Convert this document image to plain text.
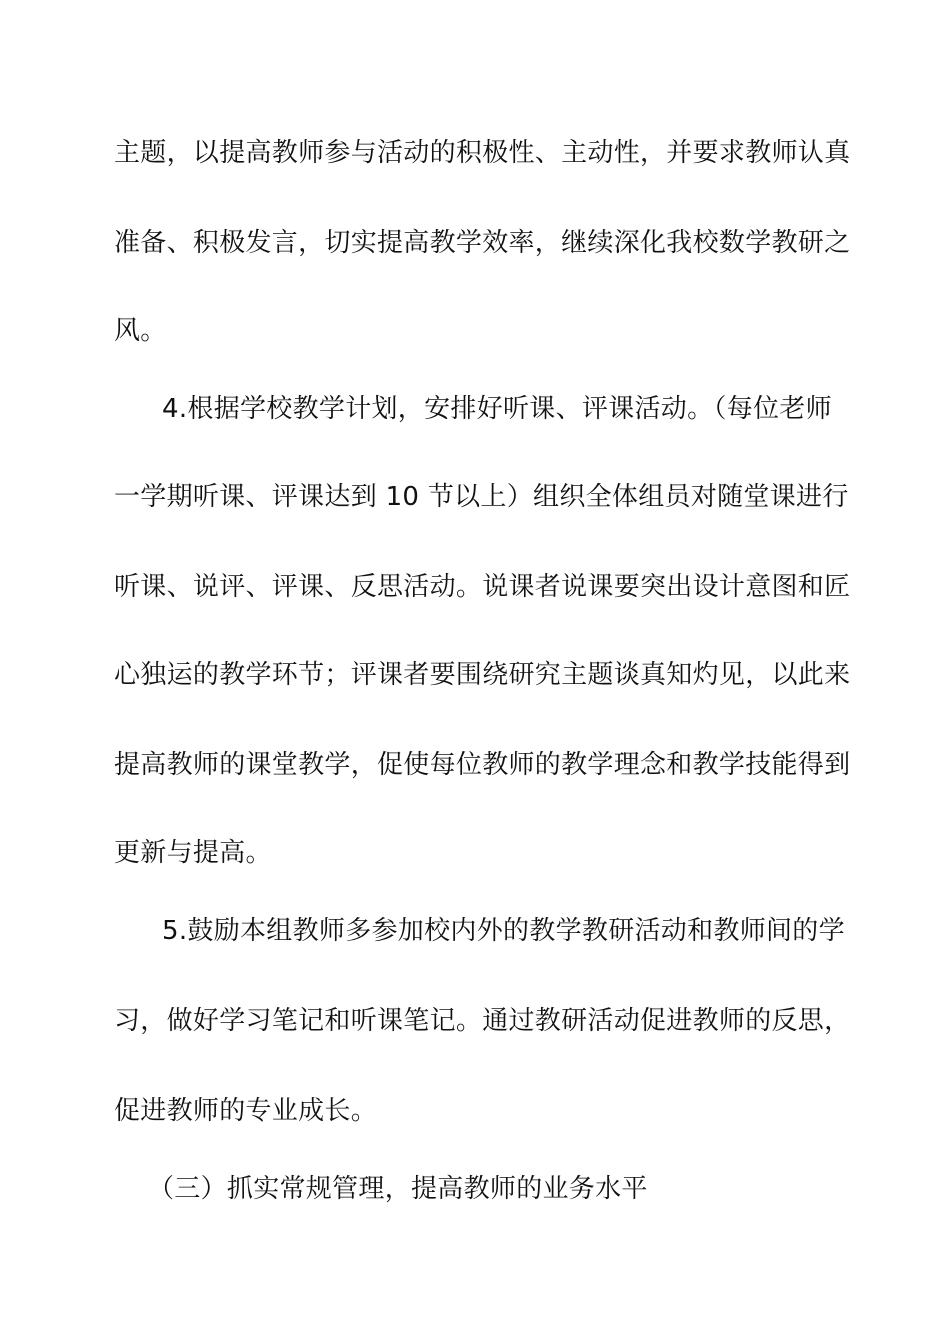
主题，以提高教师参与活动的积极性、主动性，并要求教师认真
准备、积极发言，切实提高教学效率，继续深化我校数学教研之
风。
4.根据学校教学计划，安排好听课、评课活动。（每位老师
一学期听课、评课达到 10 节以上）组织全体组员对随堂课进行
听课、说评、评课、反思活动。说课者说课要突出设计意图和匠
心独运的教学环节；评课者要围绕研究主题谈真知灼见，以此来
提高教师的课堂教学，促使每位教师的教学理念和教学技能得到
更新与提高。
5.鼓励本组教师多参加校内外的教学教研活动和教师间的学
习，做好学习笔记和听课笔记。通过教研活动促进教师的反思，
促进教师的专业成长。
（三）抓实常规管理，提高教师的业务水平
